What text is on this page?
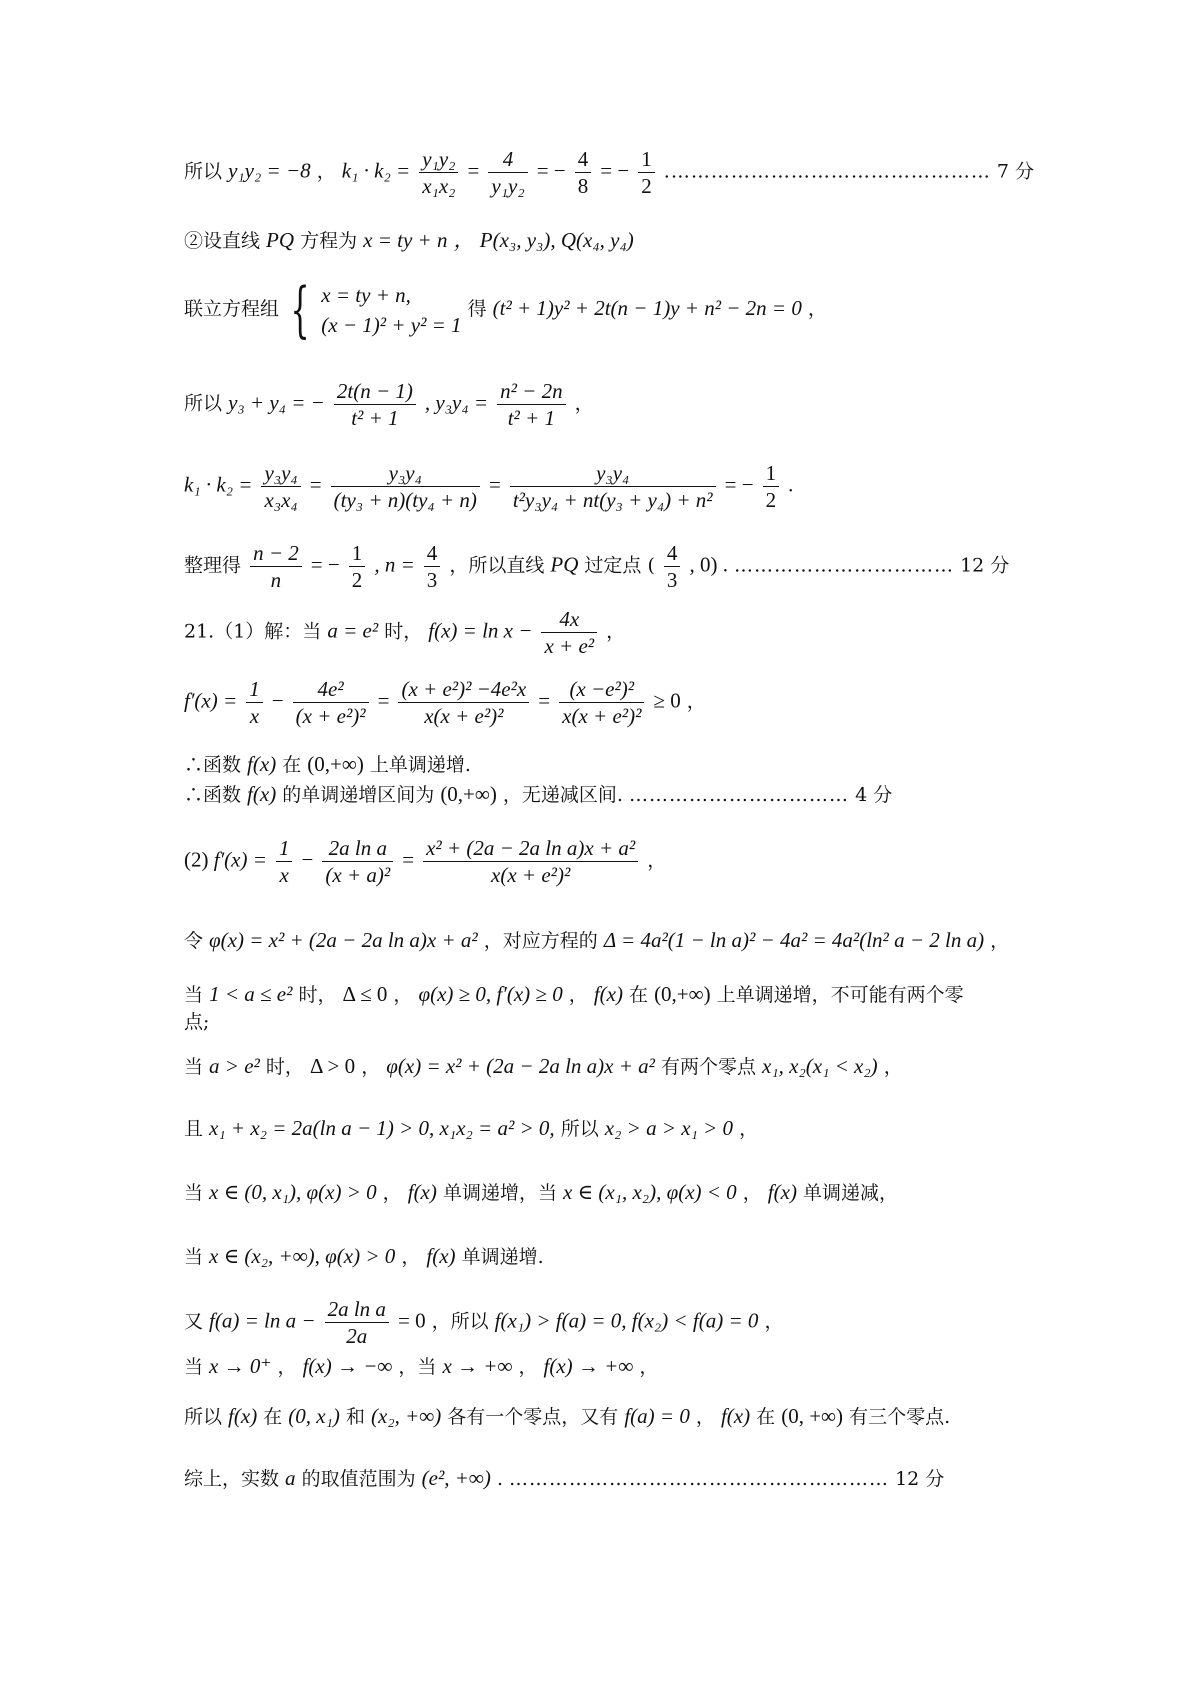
所以 y₁y₂ = −8 ， $k_1 \cdot k_2 = \frac{\text{y₁y₂}}{\text{x₁x₂}} = \frac{4}{\text{y₁y₂}}$ = − $\frac{4}{8}$ = − $\frac{1}{2}$ .………………………………………… 7 分
②设直线 PQ 方程为 x = ty + n ， P(x₃, y₃), Q(x₄, y₄)
联立方程组 { x = ty + n,
(x − 1)² + y² = 1
得 (t² + 1)y² + 2t(n − 1)y + n² − 2n = 0 ，
所以 y₃ + y₄ = − $\frac{2t(n - 1)}{\text{t² + 1}}$ , $y_3y_4 = \frac{\text{n² − 2n}}{\text{t² + 1}}$ ，
$k_1 \cdot k_2 = \frac{\text{y₃y₄}}{\text{x₃x₄}} = \frac{\text{y₃y₄}}{\text{(ty₃ + n)(ty₄ + n)}} = \frac{\text{y₃y₄}}{\text{t²y₃y₄ + nt(y₃ + y₄) + n²}}$ = − $\frac{1}{2}$ .
整理得 $\frac{n - 2}{n}$ = − $\frac{1}{2}$ , $n = \frac{4}{3}$ ，所以直线 PQ 过定点 ( $\frac{4}{3}$ , 0) . …………………………… 12 分
21.（1）解：当 a = e² 时， $f(x) = \ln x - \frac{4x}{\text{x + e²}}$ ，
$f'(x) = \frac{1}{x} - \frac{\text{4e²}}{\text{(x + e²)²}} = \frac{\text{(x + e²)² −4e²x}}{\text{x(x + e²)²}} = \frac{\text{(x −e²)²}}{\text{x(x + e²)²}} \ge 0$ ，
∴函数 f(x) 在 (0,+∞) 上单调递增.
∴函数 f(x) 的单调递增区间为 (0,+∞) ，无递减区间. …………………………… 4 分
(2) $f'(x) = \frac{1}{x} - \frac{\text{2a ln a}}{\text{(x + a)²}} = \frac{\text{x² + (2a − 2a ln a)x + a²}}{\text{x(x + e²)²}}$ ，
令 φ(x) = x² + (2a − 2a ln a)x + a² ，对应方程的 Δ = 4a²(1 − ln a)² − 4a² = 4a²(ln² a − 2 ln a) ，
当 1 < a ≤ e² 时， Δ ≤ 0 ， φ(x) ≥ 0, f′(x) ≥ 0 ， f(x) 在 (0,+∞) 上单调递增，不可能有两个零
点;
当 a > e² 时， Δ > 0 ， φ(x) = x² + (2a − 2a ln a)x + a² 有两个零点 x₁, x₂(x₁ < x₂) ，
且 x₁ + x₂ = 2a(ln a − 1) > 0, x₁x₂ = a² > 0, 所以 x₂ > a > x₁ > 0 ，
当 x ∈ (0, x₁), φ(x) > 0 ， f(x) 单调递增，当 x ∈ (x₁, x₂), φ(x) < 0 ， f(x) 单调递减，
当 x ∈ (x₂, +∞), φ(x) > 0 ， f(x) 单调递增.
又 $f(a) = \ln a - \frac{\text{2a ln a}}{2a} = 0$ ，所以 f(x₁) > f(a) = 0, f(x₂) < f(a) = 0 ，
当 x → 0⁺ ， f(x) → −∞ ，当 x → +∞ ， f(x) → +∞ ，
所以 f(x) 在 (0, x₁) 和 (x₂, +∞) 各有一个零点，又有 f(a) = 0 ， f(x) 在 (0, +∞) 有三个零点.
综上，实数 a 的取值范围为 (e², +∞) . ………………………………………………… 12 分
